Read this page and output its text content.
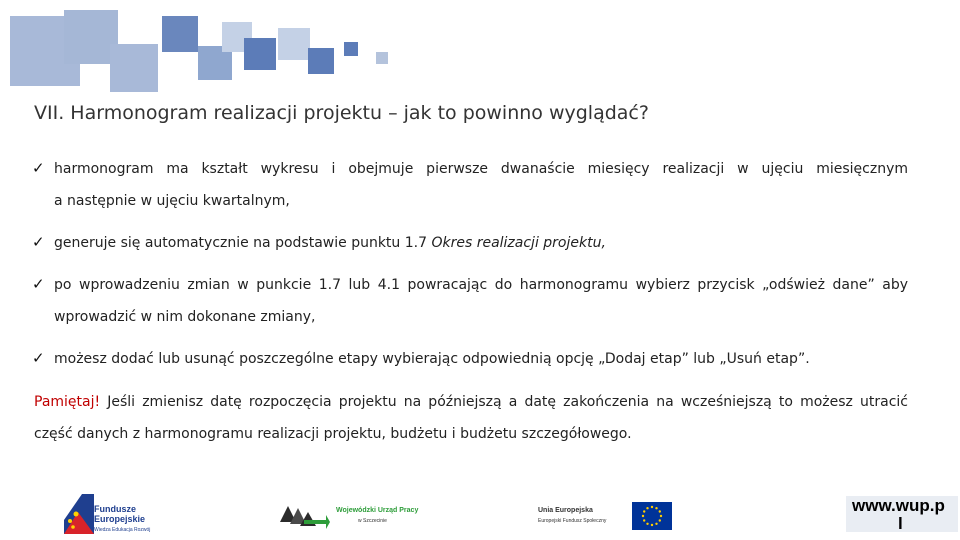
VII. Harmonogram realizacji projektu – jak to powinno wyglądać?
✓ harmonogram ma kształt wykresu i obejmuje pierwsze dwanaście miesięcy realizacji w ujęciu miesięcznym
a następnie w ujęciu kwartalnym,
✓ generuje się automatycznie na podstawie punktu 1.7 Okres realizacji projektu,
✓ po wprowadzeniu zmian w punkcie 1.7 lub 4.1 powracając do harmonogramu wybierz przycisk „odśwież dane” aby
wprowadzić w nim dokonane zmiany,
✓ możesz dodać lub usunąć poszczególne etapy wybierając odpowiednią opcję „Dodaj etap” lub „Usuń etap”.
Pamiętaj! Jeśli zmienisz datę rozpoczęcia projektu na późniejszą a datę zakończenia na wcześniejszą to możesz utracić
część danych z harmonogramu realizacji projektu, budżetu i budżetu szczegółowego.
Fundusze
Europejskie
Wiedza Edukacja Rozwój
Wojewódzki Urząd Pracy
w Szczecinie
Unia Europejska
Europejski Fundusz Społeczny
www.wup.p
l
